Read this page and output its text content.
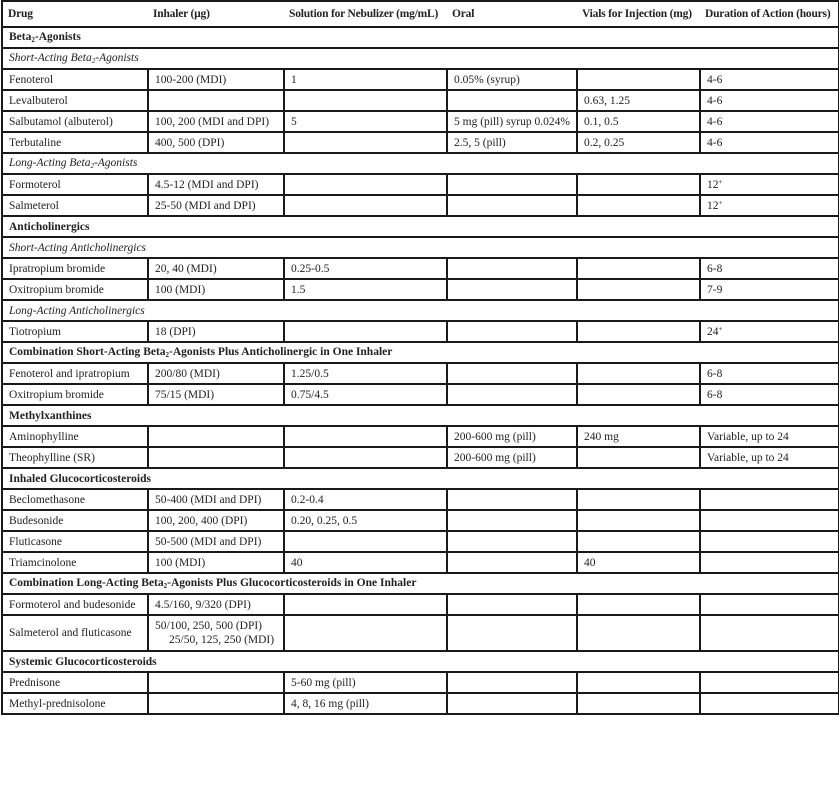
Drug	Inhaler (µg)	Solution for Nebulizer (mg/mL)	Oral	Vials for Injection (mg)	Duration of Action (hours)
Beta$_2$-Agonists					
Short-Acting Beta$_2$-Agonists					
Fenoterol	100-200 (MDI)	1	0.05% (syrup)		4-6
Levalbuterol				0.63, 1.25	4-6
Salbutamol (albuterol)	100, 200 (MDI and DPI)	5	5 mg (pill) syrup 0.024%	0.1, 0.5	4-6
Terbutaline	400, 500 (DPI)		2.5, 5 (pill)	0.2, 0.25	4-6
Long-Acting Beta$_2$-Agonists					
Formoterol	4.5-12 (MDI and DPI)				12+
Salmeterol	25-50 (MDI and DPI)				12+
Anticholinergics					
Short-Acting Anticholinergics					
Ipratropium bromide	20, 40 (MDI)	0.25-0.5			6-8
Oxitropium bromide	100 (MDI)	1.5			7-9
Long-Acting Anticholinergics					
Tiotropium	18 (DPI)				24+
Combination Short-Acting Beta$_2$-Agonists Plus Anticholinergic in One Inhaler					
Fenoterol and ipratropium	200/80 (MDI)	1.25/0.5			6-8
Oxitropium bromide	75/15 (MDI)	0.75/4.5			6-8
Methylxanthines					
Aminophylline			200-600 mg (pill)	240 mg	Variable, up to 24
Theophylline (SR)			200-600 mg (pill)		Variable, up to 24
Inhaled Glucocorticosteroids					
Beclomethasone	50-400 (MDI and DPI)	0.2-0.4			
Budesonide	100, 200, 400 (DPI)	0.20, 0.25, 0.5			
Fluticasone	50-500 (MDI and DPI)				
Triamcinolone	100 (MDI)	40		40	
Combination Long-Acting Beta$_2$-Agonists Plus Glucocorticosteroids in One Inhaler					
Formoterol and budesonide	4.5/160, 9/320 (DPI)				
Salmeterol and fluticasone	50/100, 250, 500 (DPI)
25/50, 125, 250 (MDI)				

Systemic Glucocorticosteroids					
Prednisone		5-60 mg (pill)			
Methyl-prednisolone		4, 8, 16 mg (pill)			
